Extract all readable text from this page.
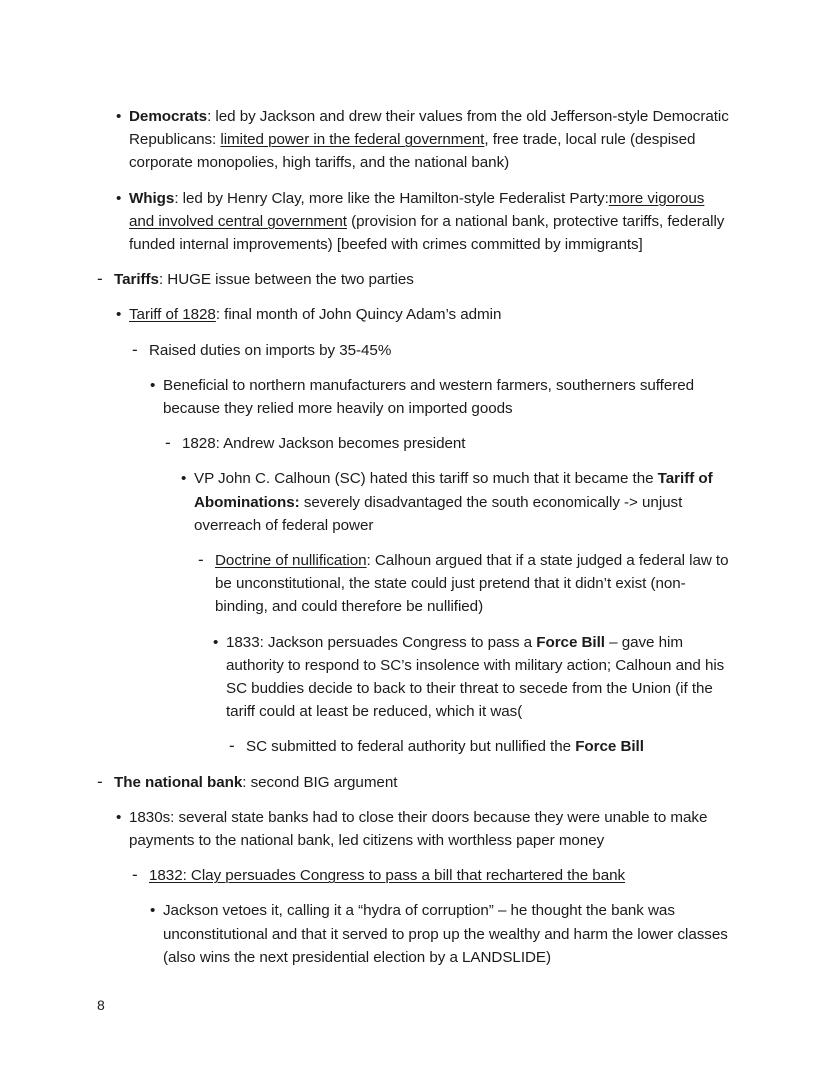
• Democrats: led by Jackson and drew their values from the old Jefferson-style Democratic Republicans: limited power in the federal government, free trade, local rule (despised corporate monopolies, high tariffs, and the national bank)
• Whigs: led by Henry Clay, more like the Hamilton-style Federalist Party:more vigorous and involved central government (provision for a national bank, protective tariffs, federally funded internal improvements) [beefed with crimes committed by immigrants]
- Tariffs: HUGE issue between the two parties
• Tariff of 1828: final month of John Quincy Adam’s admin
- Raised duties on imports by 35-45%
• Beneficial to northern manufacturers and western farmers, southerners suffered because they relied more heavily on imported goods
- 1828: Andrew Jackson becomes president
• VP John C. Calhoun (SC) hated this tariff so much that it became the Tariff of Abominations: severely disadvantaged the south economically -> unjust overreach of federal power
- Doctrine of nullification: Calhoun argued that if a state judged a federal law to be unconstitutional, the state could just pretend that it didn’t exist (non-binding, and could therefore be nullified)
• 1833: Jackson persuades Congress to pass a Force Bill – gave him authority to respond to SC’s insolence with military action; Calhoun and his SC buddies decide to back to their threat to secede from the Union (if the tariff could at least be reduced, which it was(
- SC submitted to federal authority but nullified the Force Bill
- The national bank: second BIG argument
• 1830s: several state banks had to close their doors because they were unable to make payments to the national bank, led citizens with worthless paper money
- 1832: Clay persuades Congress to pass a bill that rechartered the bank
• Jackson vetoes it, calling it a “hydra of corruption” – he thought the bank was unconstitutional and that it served to prop up the wealthy and harm the lower classes (also wins the next presidential election by a LANDSLIDE)
8
